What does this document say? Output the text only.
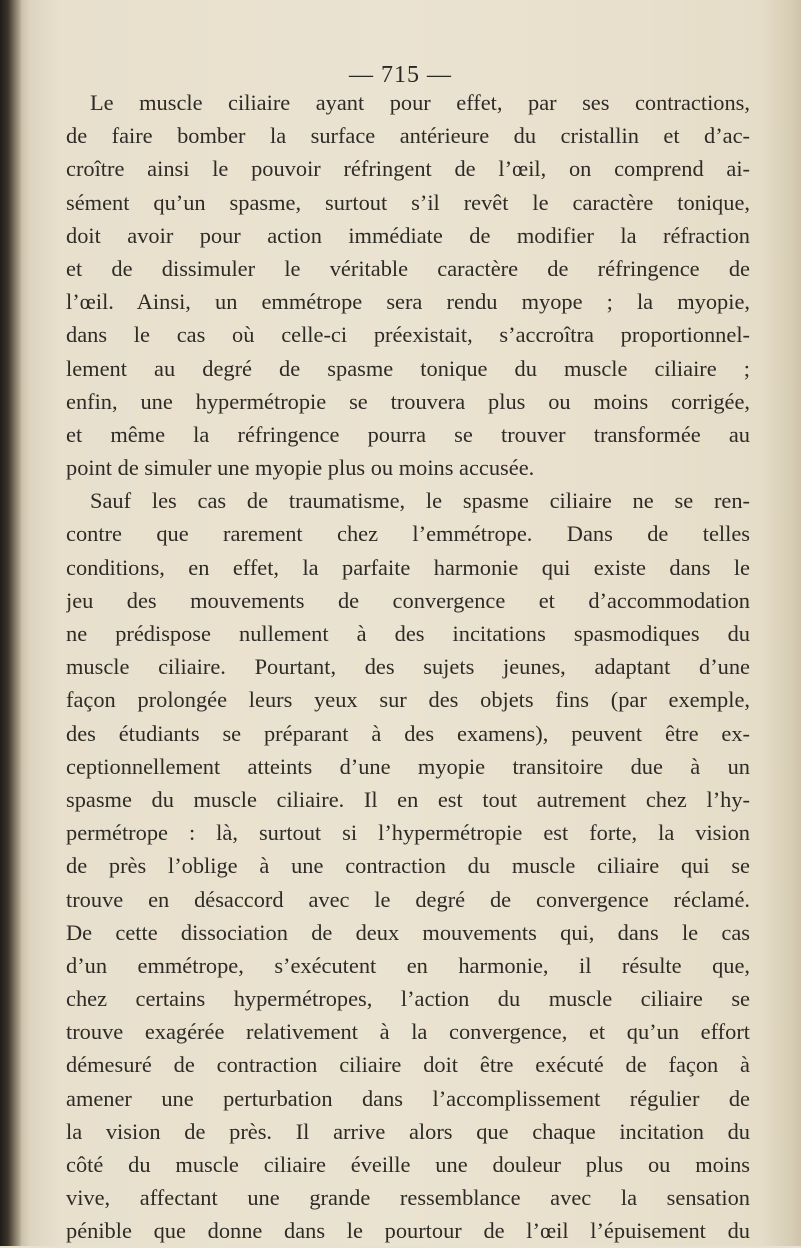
— 715 —
Le muscle ciliaire ayant pour effet, par ses contractions,
de faire bomber la surface antérieure du cristallin et d’ac-
croître ainsi le pouvoir réfringent de l’œil, on comprend ai-
sément qu’un spasme, surtout s’il revêt le caractère tonique,
doit avoir pour action immédiate de modifier la réfraction
et de dissimuler le véritable caractère de réfringence de
l’œil. Ainsi, un emmétrope sera rendu myope ; la myopie,
dans le cas où celle-ci préexistait, s’accroîtra proportionnel-
lement au degré de spasme tonique du muscle ciliaire ;
enfin, une hypermétropie se trouvera plus ou moins corrigée,
et même la réfringence pourra se trouver transformée au
point de simuler une myopie plus ou moins accusée.
Sauf les cas de traumatisme, le spasme ciliaire ne se ren-
contre que rarement chez l’emmétrope. Dans de telles
conditions, en effet, la parfaite harmonie qui existe dans le
jeu des mouvements de convergence et d’accommodation
ne prédispose nullement à des incitations spasmodiques du
muscle ciliaire. Pourtant, des sujets jeunes, adaptant d’une
façon prolongée leurs yeux sur des objets fins (par exemple,
des étudiants se préparant à des examens), peuvent être ex-
ceptionnellement atteints d’une myopie transitoire due à un
spasme du muscle ciliaire. Il en est tout autrement chez l’hy-
permétrope : là, surtout si l’hypermétropie est forte, la vision
de près l’oblige à une contraction du muscle ciliaire qui se
trouve en désaccord avec le degré de convergence réclamé.
De cette dissociation de deux mouvements qui, dans le cas
d’un emmétrope, s’exécutent en harmonie, il résulte que,
chez certains hypermétropes, l’action du muscle ciliaire se
trouve exagérée relativement à la convergence, et qu’un effort
démesuré de contraction ciliaire doit être exécuté de façon à
amener une perturbation dans l’accomplissement régulier de
la vision de près. Il arrive alors que chaque incitation du
côté du muscle ciliaire éveille une douleur plus ou moins
vive, affectant une grande ressemblance avec la sensation
pénible que donne dans le pourtour de l’œil l’épuisement du
